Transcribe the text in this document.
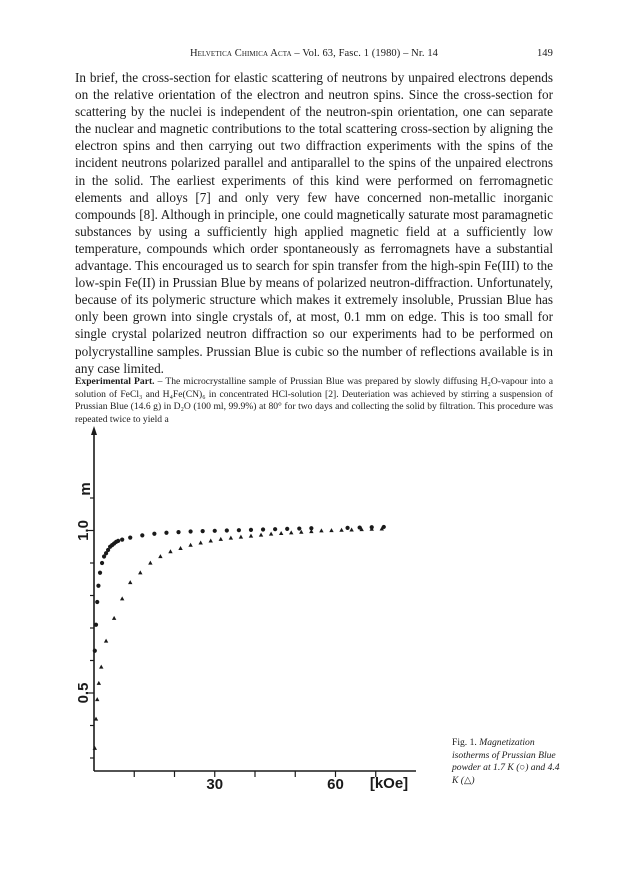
Helvetica Chimica Acta – Vol. 63, Fasc. 1 (1980) – Nr. 14	149

In brief, the cross-section for elastic scattering of neutrons by unpaired electrons depends on the relative orientation of the electron and neutron spins. Since the cross-section for scattering by the nuclei is independent of the neutron-spin orientation, one can separate the nuclear and magnetic contributions to the total scattering cross-section by aligning the electron spins and then carrying out two diffraction experiments with the spins of the incident neutrons polarized parallel and antiparallel to the spins of the unpaired electrons in the solid. The earliest experiments of this kind were performed on ferromagnetic elements and alloys [7] and only very few have concerned non-metallic inorganic compounds [8]. Although in principle, one could magnetically saturate most paramagnetic substances by using a sufficiently high applied magnetic field at a sufficiently low temperature, compounds which order spontaneously as ferromagnets have a substantial advantage. This encouraged us to search for spin transfer from the high-spin Fe(III) to the low-spin Fe(II) in Prussian Blue by means of polarized neutron-diffraction. Unfortunately, because of its polymeric structure which makes it extremely insoluble, Prussian Blue has only been grown into single crystals of, at most, 0.1 mm on edge. This is too small for single crystal polarized neutron diffraction so our experiments had to be performed on polycrystalline samples. Prussian Blue is cubic so the number of reflections available is in any case limited.

Experimental Part. – The microcrystalline sample of Prussian Blue was prepared by slowly diffusing H₂O-vapour into a solution of FeCl₃ and H₄Fe(CN)₆ in concentrated HCl-solution [2]. Deuteriation was achieved by stirring a suspension of Prussian Blue (14.6 g) in D₂O (100 ml, 99.9%) at 80° for two days and collecting the solid by filtration. This procedure was repeated twice to yield a

30	60
0.5
1.0
m
[kOe]
Fig. 1. Magnetization isotherms of Prussian Blue powder at 1.7 K (○) and 4.4 K (△)
